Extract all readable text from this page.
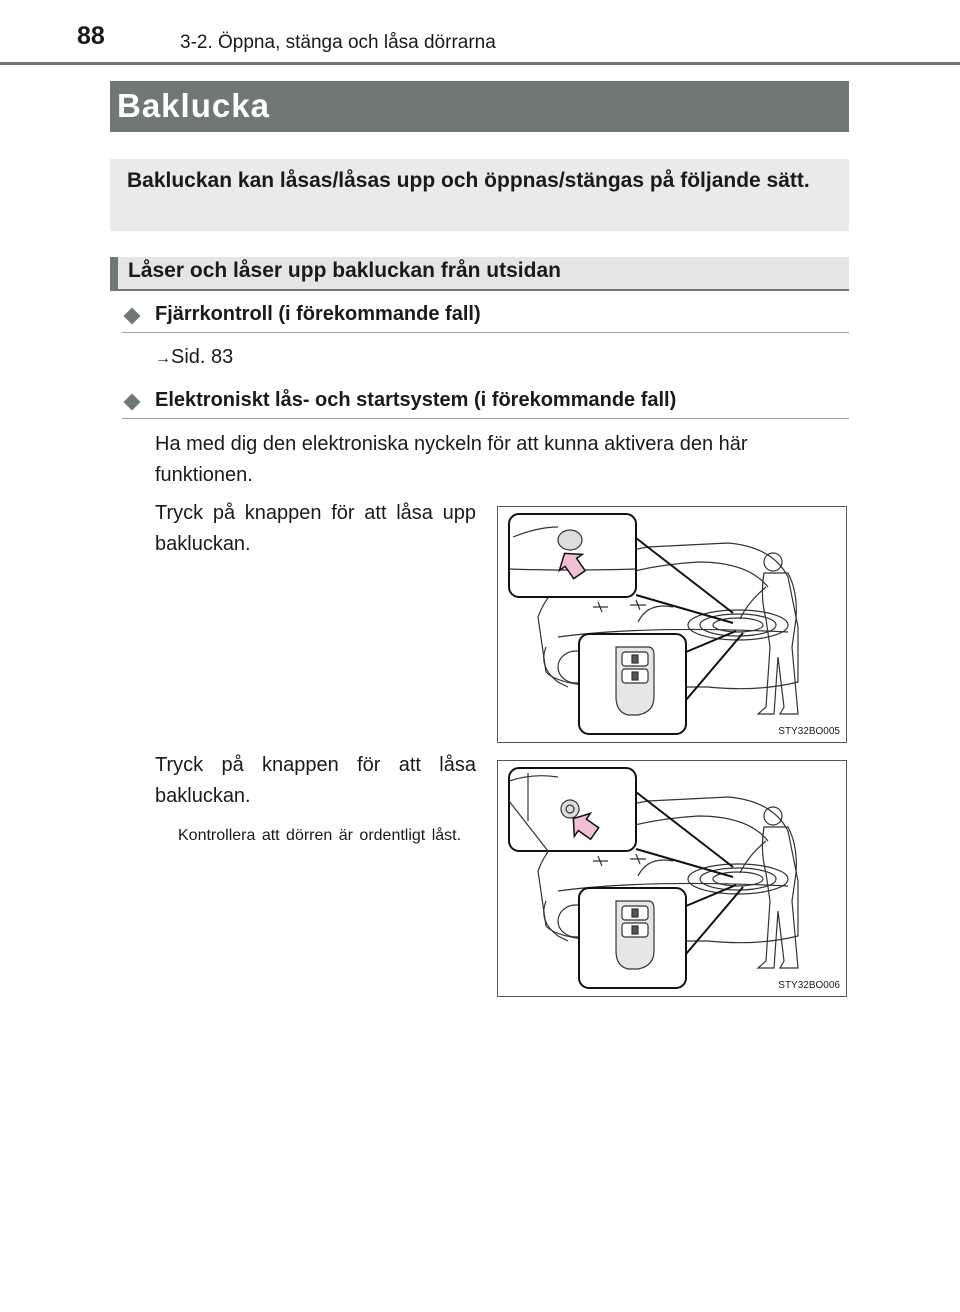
88	3-2. Öppna, stänga och låsa dörrarna
Baklucka

Bakluckan kan låsas/låsas upp och öppnas/stängas på följande sätt.

Låser och låser upp bakluckan från utsidan
Fjärrkontroll (i förekommande fall)
→Sid. 83
Elektroniskt lås- och startsystem (i förekommande fall)

Ha med dig den elektroniska nyckeln för att kunna aktivera den här funktionen.

Tryck på knappen för att låsa upp bakluckan.

Tryck på knappen för att låsa bakluckan.

Kontrollera att dörren är ordentligt låst.

STY32BO005
STY32BO006
